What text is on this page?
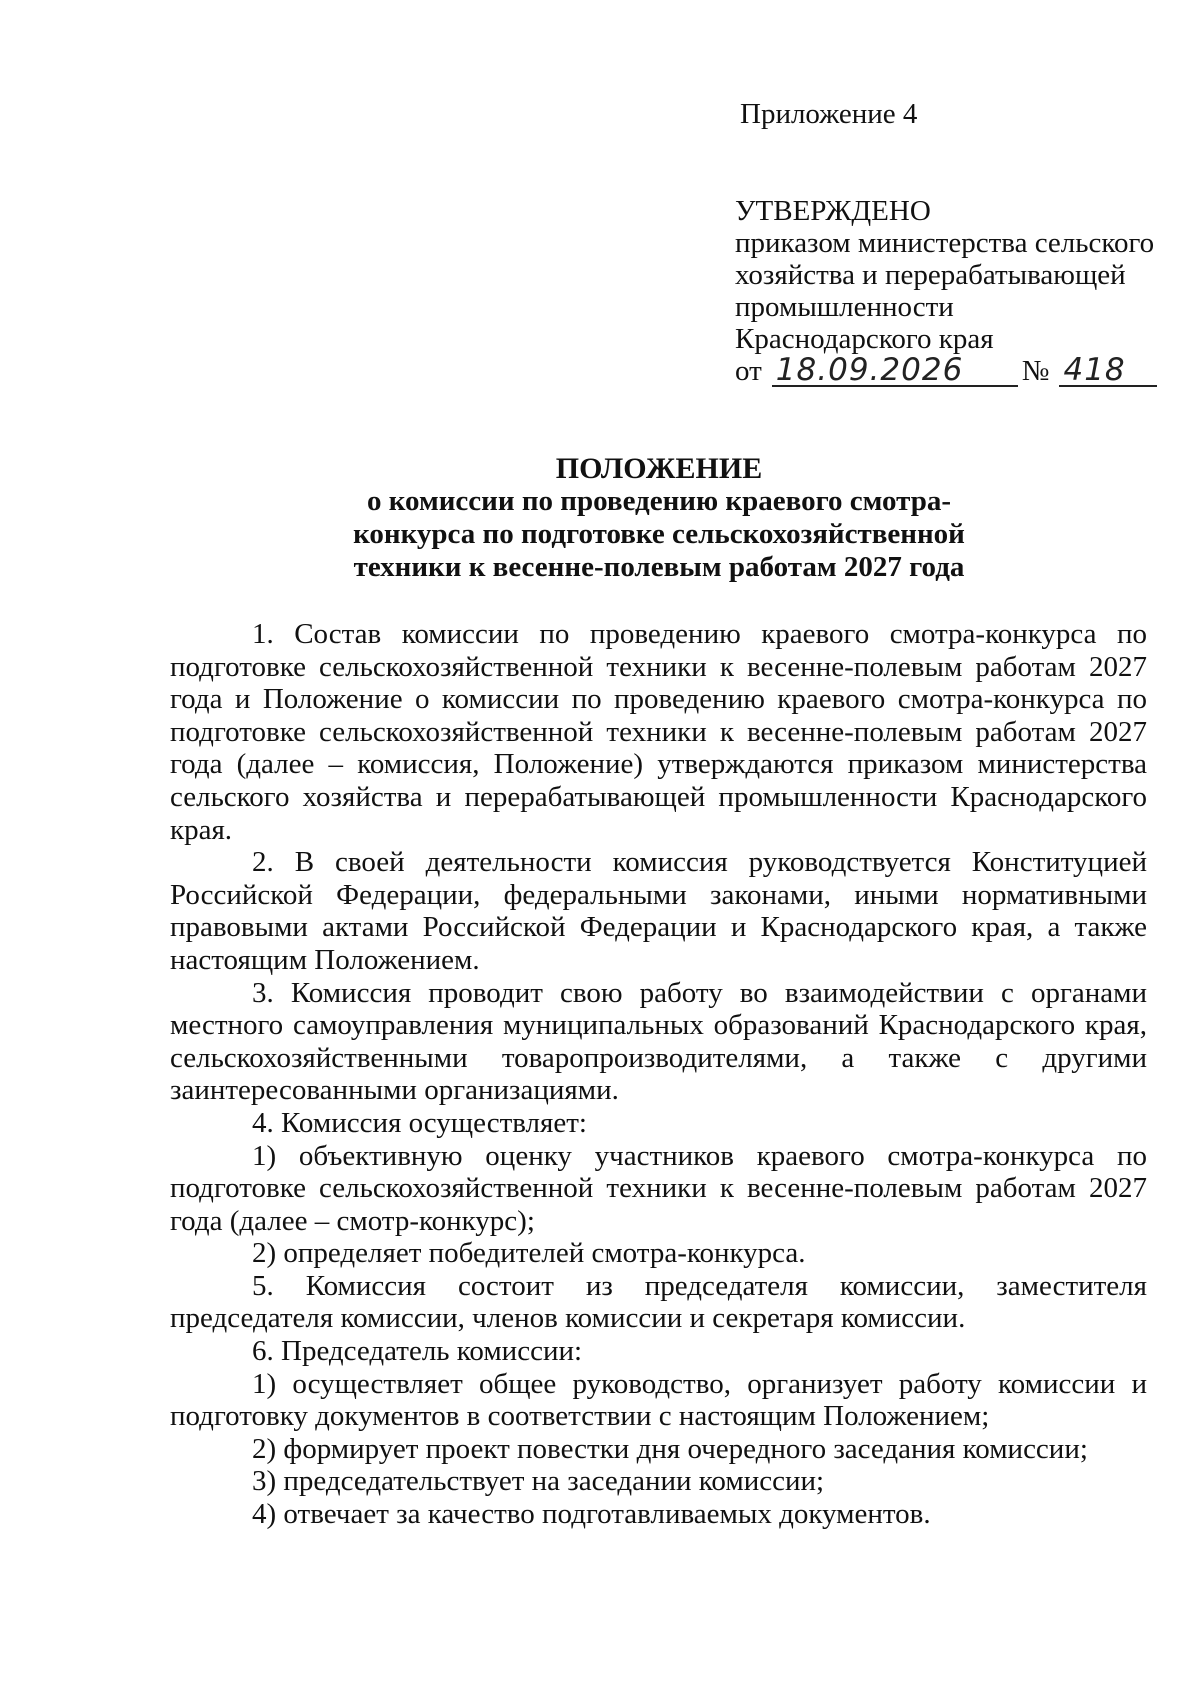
Приложение 4
УТВЕРЖДЕНО
приказом министерства сельского
хозяйства и перерабатывающей
промышленности
Краснодарского края
от 18.09.2026	№ 418
ПОЛОЖЕНИЕ
о комиссии по проведению краевого смотра-
конкурса по подготовке сельскохозяйственной
техники к весенне-полевым работам 2027 года

1. Состав комиссии по проведению краевого смотра-конкурса по подготовке сельскохозяйственной техники к весенне-полевым работам 2027 года и Положение о комиссии по проведению краевого смотра-конкурса по подготовке сельскохозяйственной техники к весенне-полевым работам 2027 года (далее – комиссия, Положение) утверждаются приказом министерства сельского хозяйства и перерабатывающей промышленности Краснодарского края.

2. В своей деятельности комиссия руководствуется Конституцией Российской Федерации, федеральными законами, иными нормативными правовыми актами Российской Федерации и Краснодарского края, а также настоящим Положением.

3. Комиссия проводит свою работу во взаимодействии с органами местного самоуправления муниципальных образований Краснодарского края, сельскохозяйственными товаропроизводителями, а также с другими заинтересованными организациями.

4. Комиссия осуществляет:

1) объективную оценку участников краевого смотра-конкурса по подготовке сельскохозяйственной техники к весенне-полевым работам 2027 года (далее – смотр-конкурс);

2) определяет победителей смотра-конкурса.

5. Комиссия состоит из председателя комиссии, заместителя председателя комиссии, членов комиссии и секретаря комиссии.

6. Председатель комиссии:

1) осуществляет общее руководство, организует работу комиссии и подготовку документов в соответствии с настоящим Положением;

2) формирует проект повестки дня очередного заседания комиссии;

3) председательствует на заседании комиссии;

4) отвечает за качество подготавливаемых документов.
